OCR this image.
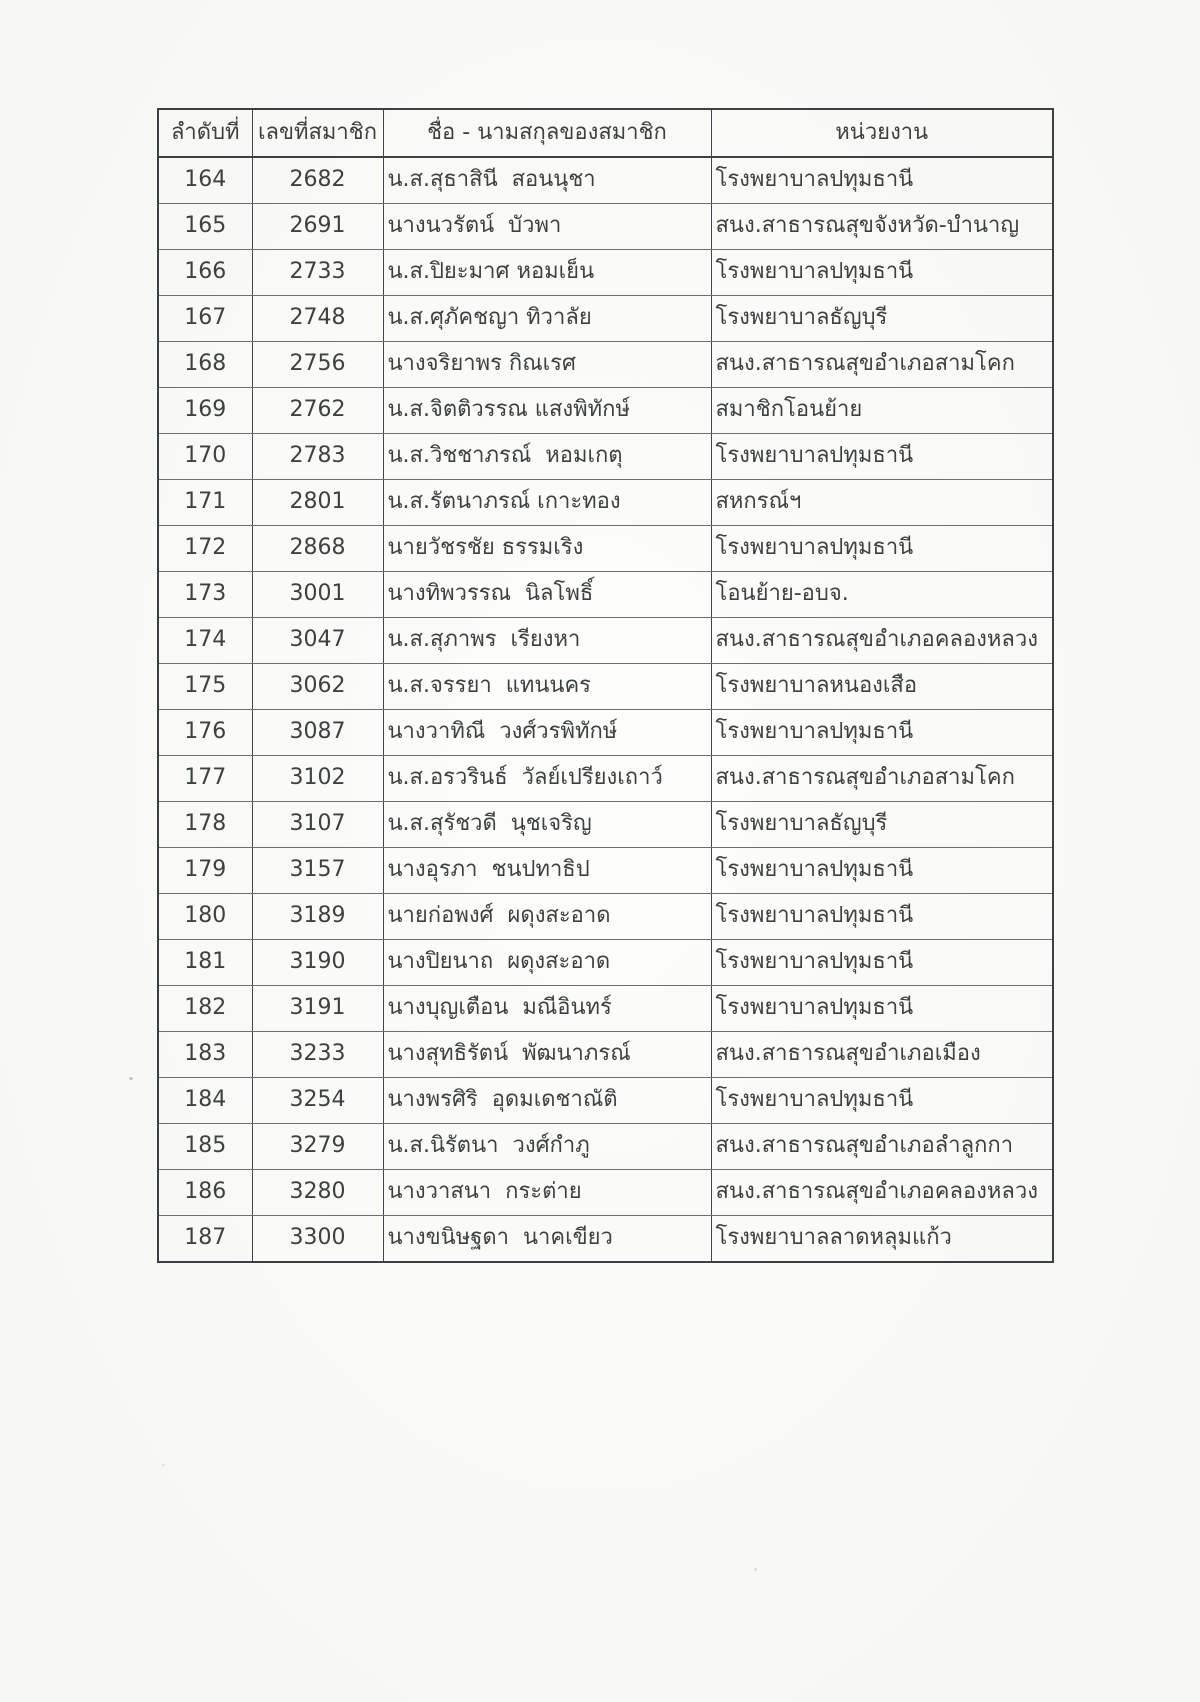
ลำดับที่	เลขที่สมาชิก	ชื่อ - นามสกุลของสมาชิก	หน่วยงาน
164	2682	น.ส.สุธาสินี  สอนนุชา	โรงพยาบาลปทุมธานี
165	2691	นางนวรัตน์  บัวพา	สนง.สาธารณสุขจังหวัด-บำนาญ
166	2733	น.ส.ปิยะมาศ หอมเย็น	โรงพยาบาลปทุมธานี
167	2748	น.ส.ศุภัคชญา ทิวาลัย	โรงพยาบาลธัญบุรี
168	2756	นางจริยาพร กิณเรศ	สนง.สาธารณสุขอำเภอสามโคก
169	2762	น.ส.จิตติวรรณ แสงพิทักษ์	สมาชิกโอนย้าย
170	2783	น.ส.วิชชาภรณ์  หอมเกตุ	โรงพยาบาลปทุมธานี
171	2801	น.ส.รัตนาภรณ์ เกาะทอง	สหกรณ์ฯ
172	2868	นายวัชรชัย ธรรมเริง	โรงพยาบาลปทุมธานี
173	3001	นางทิพวรรณ  นิลโพธิ์	โอนย้าย-อบจ.
174	3047	น.ส.สุภาพร  เรียงหา	สนง.สาธารณสุขอำเภอคลองหลวง
175	3062	น.ส.จรรยา  แทนนคร	โรงพยาบาลหนองเสือ
176	3087	นางวาทิณี  วงศ์วรพิทักษ์	โรงพยาบาลปทุมธานี
177	3102	น.ส.อรวรินธ์  วัลย์เปรียงเถาว์	สนง.สาธารณสุขอำเภอสามโคก
178	3107	น.ส.สุรัชวดี  นุชเจริญ	โรงพยาบาลธัญบุรี
179	3157	นางอุรภา  ชนปทาธิป	โรงพยาบาลปทุมธานี
180	3189	นายก่อพงศ์  ผดุงสะอาด	โรงพยาบาลปทุมธานี
181	3190	นางปิยนาถ  ผดุงสะอาด	โรงพยาบาลปทุมธานี
182	3191	นางบุญเตือน  มณีอินทร์	โรงพยาบาลปทุมธานี
183	3233	นางสุทธิรัตน์  พัฒนาภรณ์	สนง.สาธารณสุขอำเภอเมือง
184	3254	นางพรศิริ  อุดมเดชาณัติ	โรงพยาบาลปทุมธานี
185	3279	น.ส.นิรัตนา  วงศ์กำภู	สนง.สาธารณสุขอำเภอลำลูกกา
186	3280	นางวาสนา  กระต่าย	สนง.สาธารณสุขอำเภอคลองหลวง
187	3300	นางขนิษฐดา  นาคเขียว	โรงพยาบาลลาดหลุมแก้ว
